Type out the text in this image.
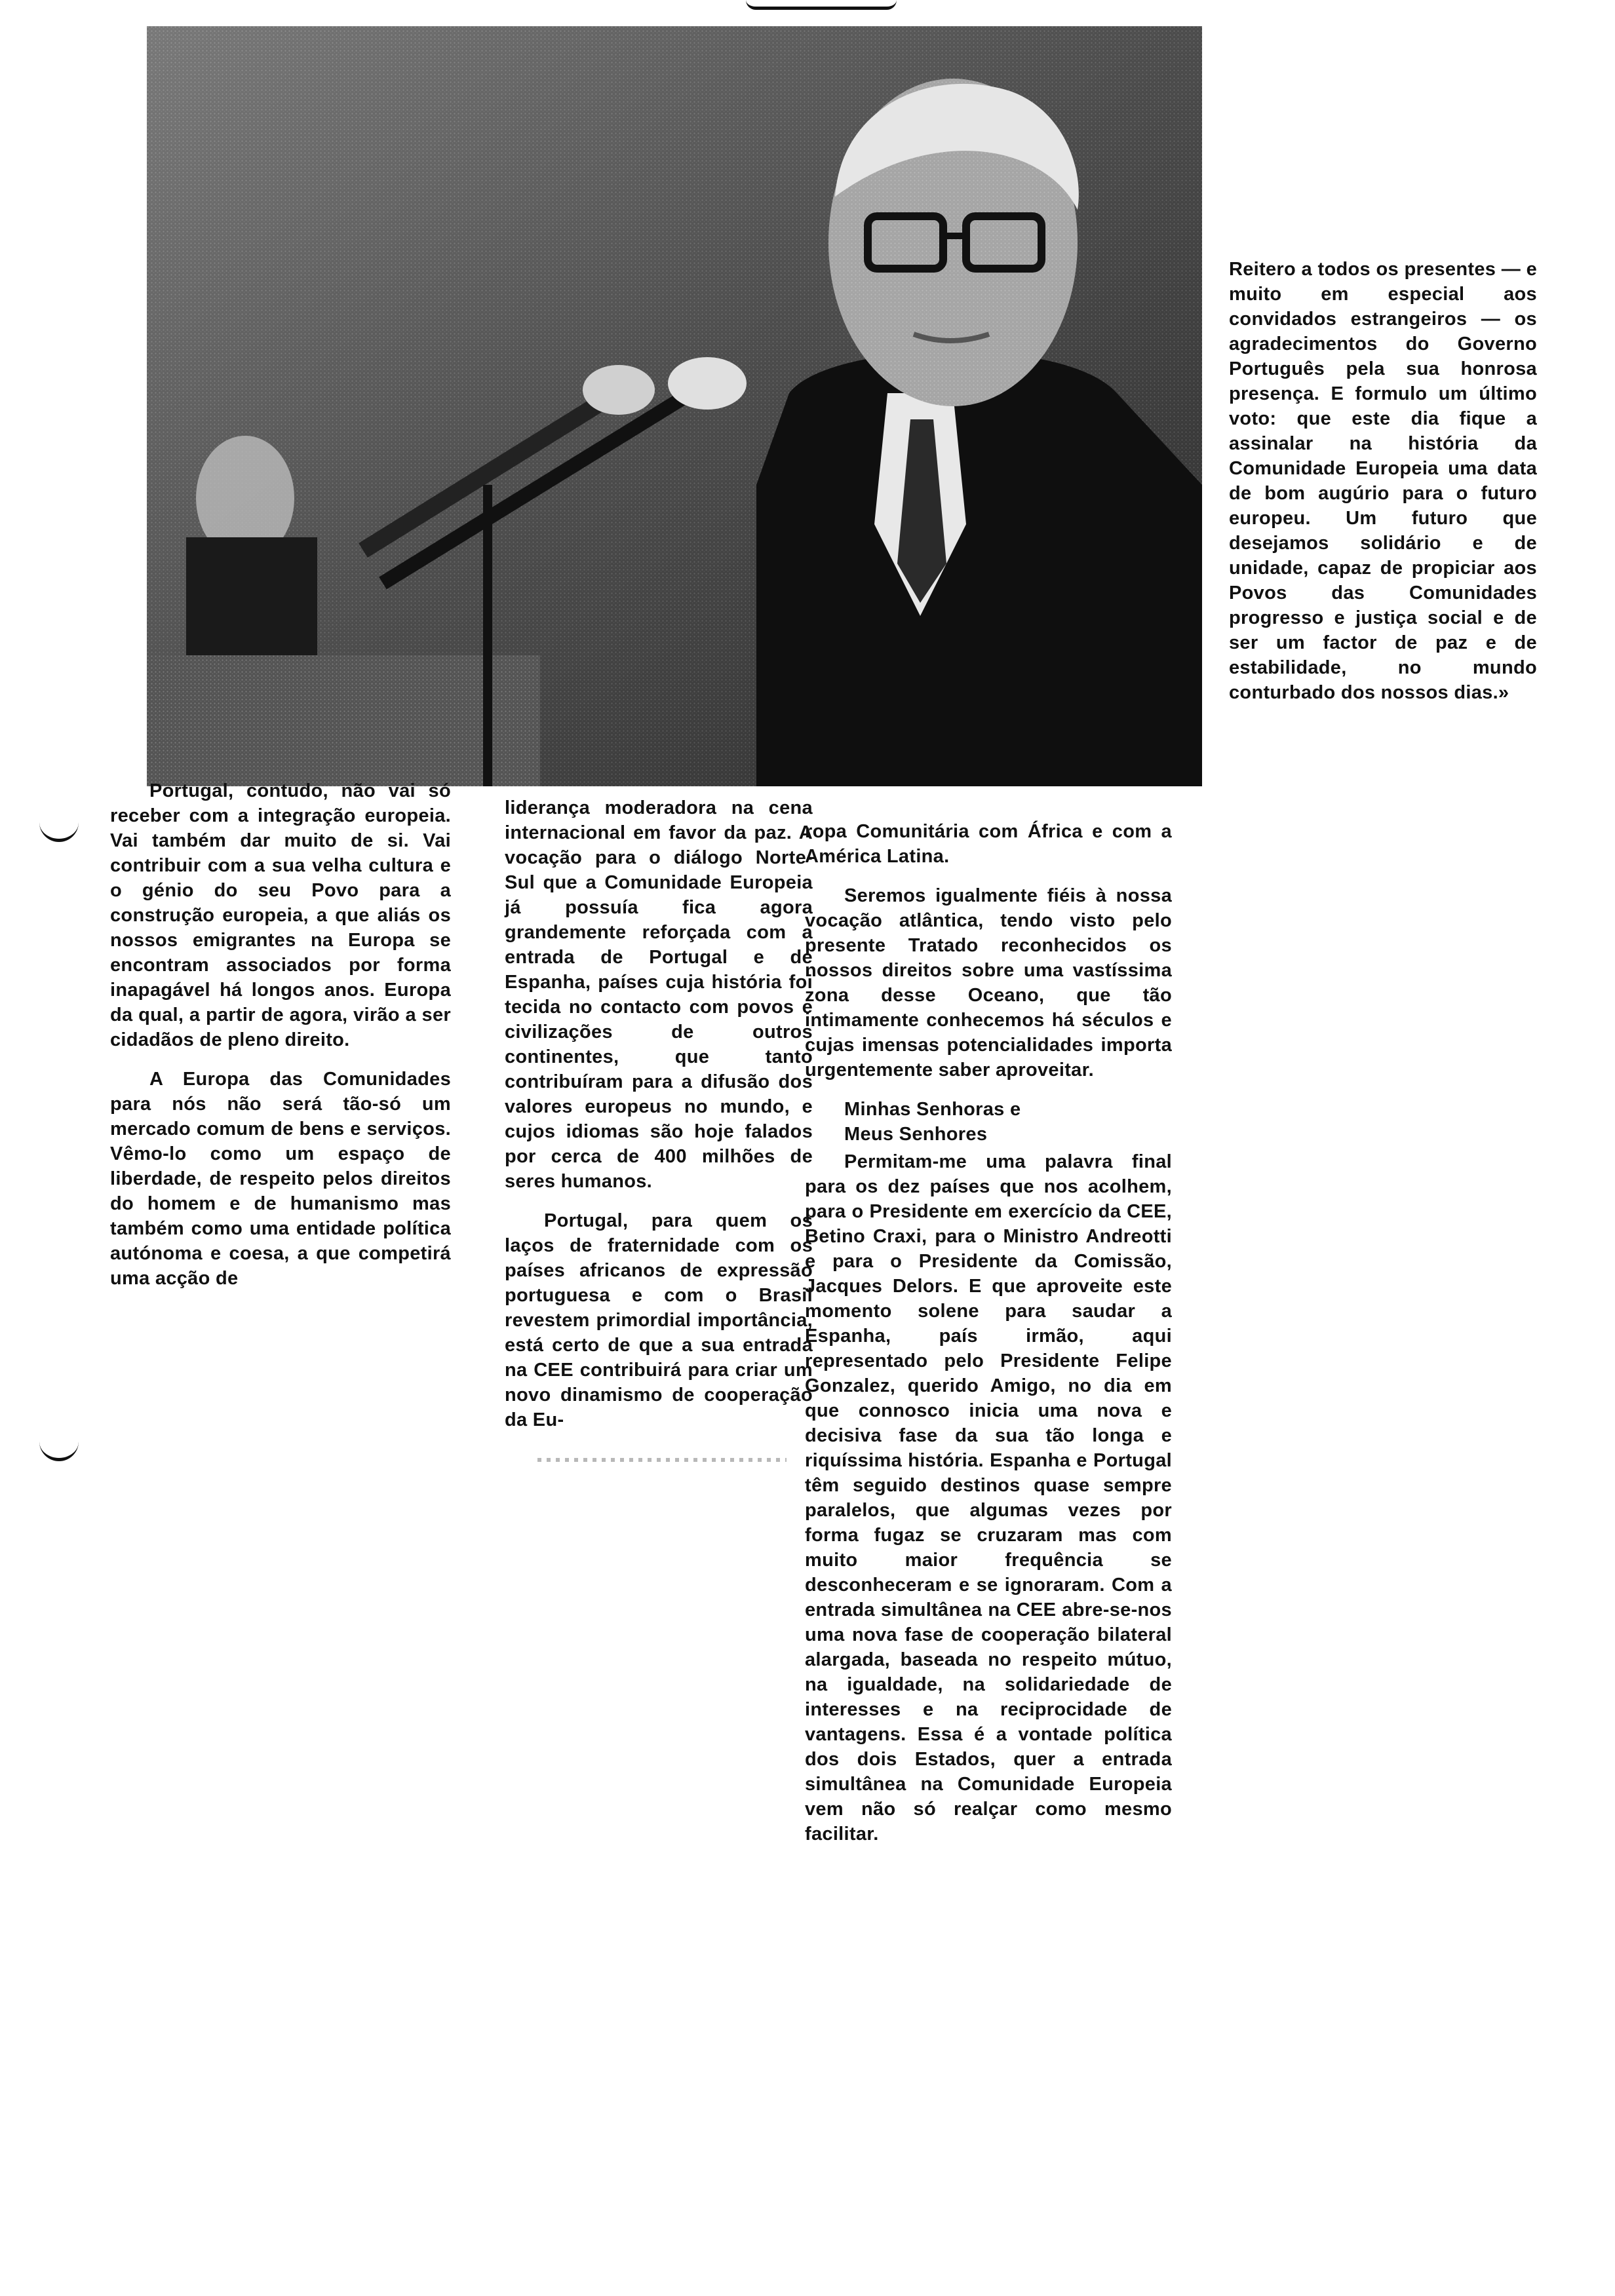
Reitero a todos os presentes — e muito em especial aos convidados estrangeiros — os agradecimentos do Governo Português pela sua honrosa presença. E formulo um último voto: que este dia fique a assinalar na história da Comunidade Europeia uma data de bom augúrio para o futuro europeu. Um futuro que desejamos solidário e de unidade, capaz de propiciar aos Povos das Comunidades progresso e justiça social e de ser um factor de paz e de estabilidade, no mundo conturbado dos nossos dias.»

Portugal, contudo, não vai só receber com a integração europeia. Vai também dar muito de si. Vai contribuir com a sua velha cultura e o génio do seu Povo para a construção europeia, a que aliás os nossos emigrantes na Europa se encontram associados por forma inapagável há longos anos. Europa da qual, a partir de agora, virão a ser cidadãos de pleno direito.

A Europa das Comunidades para nós não será tão-só um mercado comum de bens e serviços. Vêmo-lo como um espaço de liberdade, de respeito pelos direitos do homem e de humanismo mas também como uma entidade política autónoma e coesa, a que competirá uma acção de

liderança moderadora na cena internacional em favor da paz. A vocação para o diálogo Norte-Sul que a Comunidade Europeia já possuía fica agora grandemente reforçada com a entrada de Portugal e de Espanha, países cuja história foi tecida no contacto com povos e civilizações de outros continentes, que tanto contribuíram para a difusão dos valores europeus no mundo, e cujos idiomas são hoje falados por cerca de 400 milhões de seres humanos.

Portugal, para quem os laços de fraternidade com os países africanos de expressão portuguesa e com o Brasil revestem primordial importância, está certo de que a sua entrada na CEE contribuirá para criar um novo dinamismo de cooperação da Eu-

ropa Comunitária com África e com a América Latina.

Seremos igualmente fiéis à nossa vocação atlântica, tendo visto pelo presente Tratado reconhecidos os nossos direitos sobre uma vastíssima zona desse Oceano, que tão intimamente conhecemos há séculos e cujas imensas potencialidades importa urgentemente saber aproveitar.

Minhas Senhoras e
Meus Senhores

Permitam-me uma palavra final para os dez países que nos acolhem, para o Presidente em exercício da CEE, Betino Craxi, para o Ministro Andreotti e para o Presidente da Comissão, Jacques Delors. E que aproveite este momento solene para saudar a Espanha, país irmão, aqui representado pelo Presidente Felipe Gonzalez, querido Amigo, no dia em que connosco inicia uma nova e decisiva fase da sua tão longa e riquíssima história. Espanha e Portugal têm seguido destinos quase sempre paralelos, que algumas vezes por forma fugaz se cruzaram mas com muito maior frequência se desconheceram e se ignoraram. Com a entrada simultânea na CEE abre-se-nos uma nova fase de cooperação bilateral alargada, baseada no respeito mútuo, na igualdade, na solidariedade de interesses e na reciprocidade de vantagens. Essa é a vontade política dos dois Estados, quer a entrada simultânea na Comunidade Europeia vem não só realçar como mesmo facilitar.
